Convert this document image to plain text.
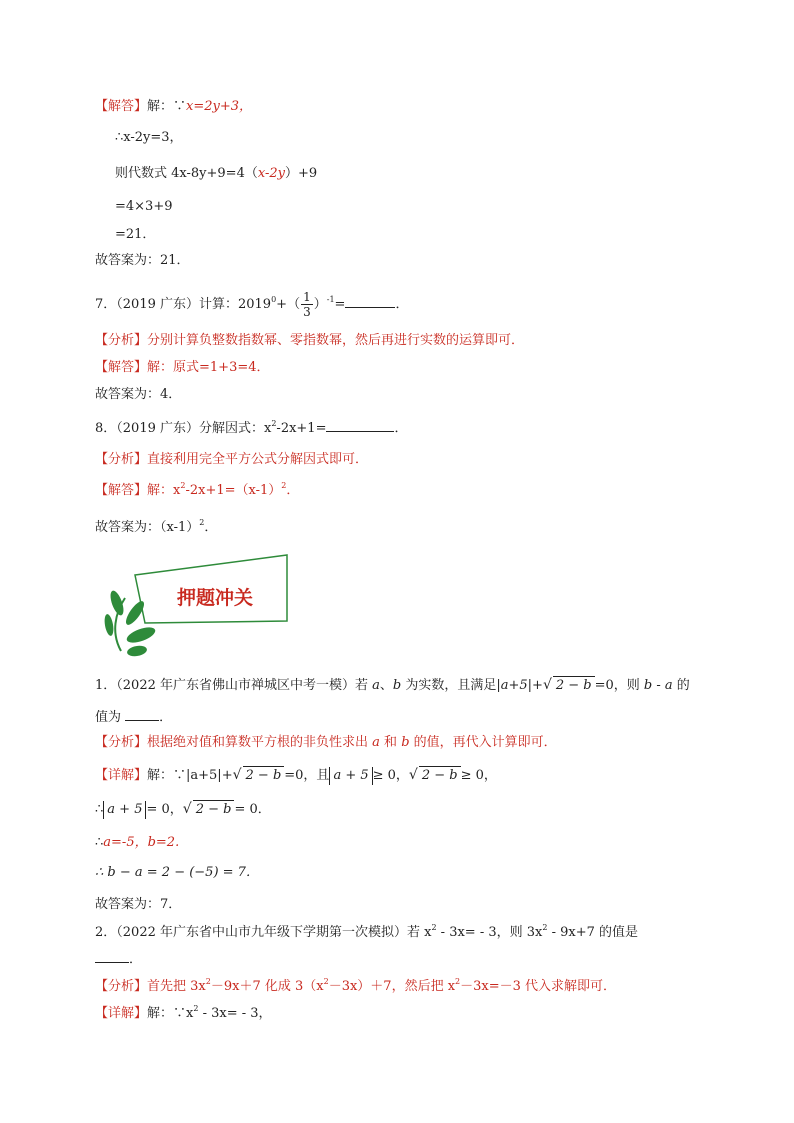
【解答】解：∵x=2y+3，
∴x-2y=3，
则代数式 4x-8y+9=4（x-2y）+9
=4×3+9
=21．
故答案为：21．
7．（2019 广东）计算：$2019^0+( \frac{1}{3} )^{-1}=$	．
【分析】分别计算负整数指数幂、零指数幂，然后再进行实数的运算即可．
【解答】解：原式=1+3=4．
故答案为：4．
8．（2019 广东）分解因式：$x^2-2x+1=$	．
【分析】直接利用完全平方公式分解因式即可．
【解答】解：$x^2-2x+1=(x-1)^2$．
故答案为：$(x-1)^2$．
押题冲关
1．（2022 年广东省佛山市禅城区中考一模）若 a、b 为实数，且满足|a+5|+√ 2 − b =0，则 b - a 的
值为	．
【分析】根据绝对值和算数平方根的非负性求出 a 和 b 的值，再代入计算即可．
【详解】解：∵|a+5|+√ 2 − b =0，且 a + 5 ≥ 0，√ 2 − b ≥ 0，
∴ a + 5 = 0，√ 2 − b = 0．
∴a=-5，b=2.
∴ b − a = 2 − (−5) = 7．
故答案为：7．
2．（2022 年广东省中山市九年级下学期第一次模拟）若 $x^2 - 3x= - 3$，则 $3x^2 - 9x+7$ 的值是
．
【分析】首先把 $3x^2-9x+7$ 化成 $3(x^2-3x)+7$，然后把 $x^2-3x=-3$ 代入求解即可．
【详解】解：$\because x^2 - 3x= - 3$，
